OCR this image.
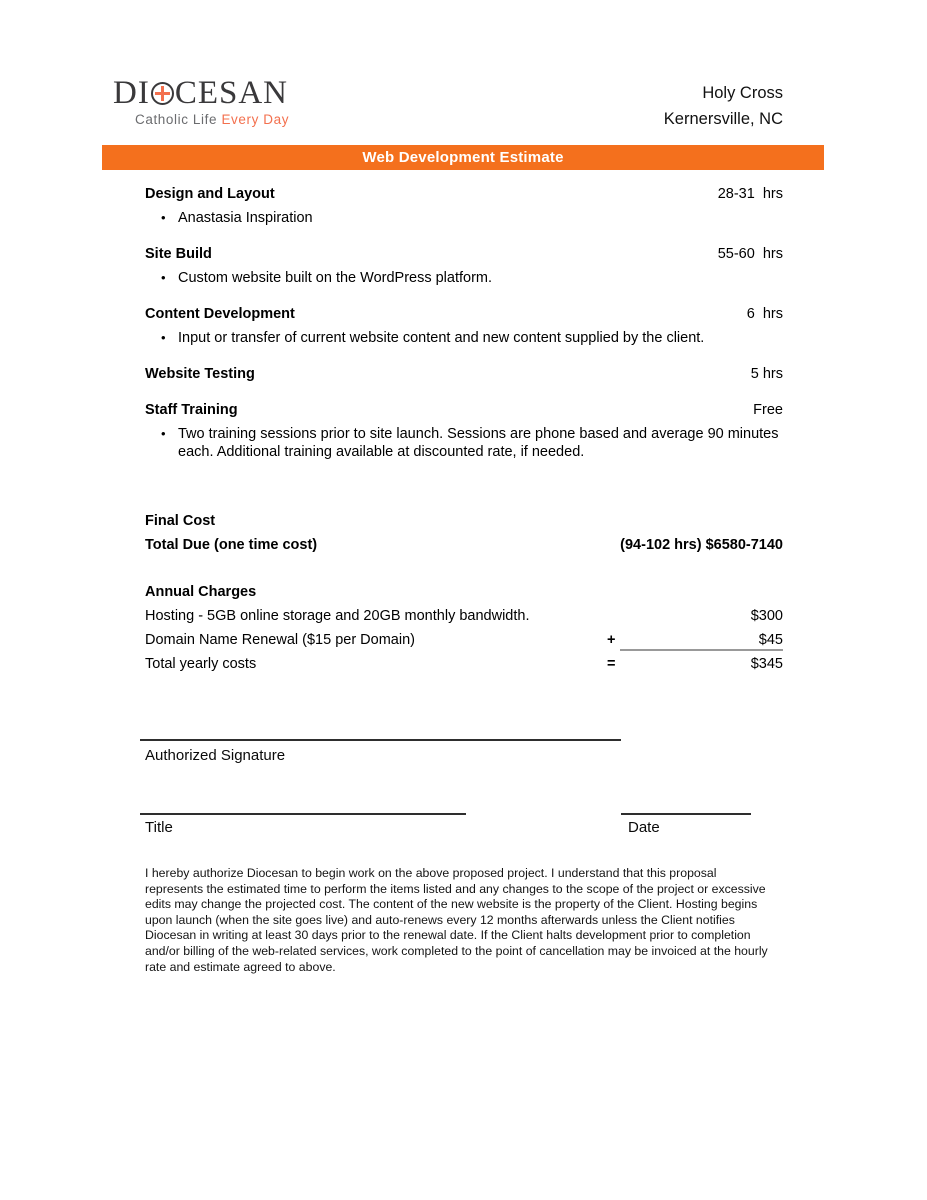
DI CESAN
Catholic Life Every Day
Holy Cross
Kernersville, NC
Web Development Estimate
Design and Layout	28-31  hrs
• Anastasia Inspiration
Site Build	55-60  hrs
• Custom website built on the WordPress platform.
Content Development	6  hrs
• Input or transfer of current website content and new content supplied by the client.
Website Testing	5 hrs
Staff Training	Free
• Two training sessions prior to site launch. Sessions are phone based and average 90 minutes each. Additional training available at discounted rate, if needed.
Final Cost
Total Due (one time cost)	(94-102 hrs) $6580-7140
Annual Charges
Hosting - 5GB online storage and 20GB monthly bandwidth.	$300
Domain Name Renewal ($15 per Domain)	+	$45
Total yearly costs	=	$345
Authorized Signature
Title	Date
I hereby authorize Diocesan to begin work on the above proposed project. I understand that this proposal represents the estimated time to perform the items listed and any changes to the scope of the project or excessive edits may change the projected cost. The content of the new website is the property of the Client. Hosting begins upon launch (when the site goes live) and auto-renews every 12 months afterwards unless the Client notifies Diocesan in writing at least 30 days prior to the renewal date. If the Client halts development prior to completion and/or billing of the web-related services, work completed to the point of cancellation may be invoiced at the hourly rate and estimate agreed to above.
